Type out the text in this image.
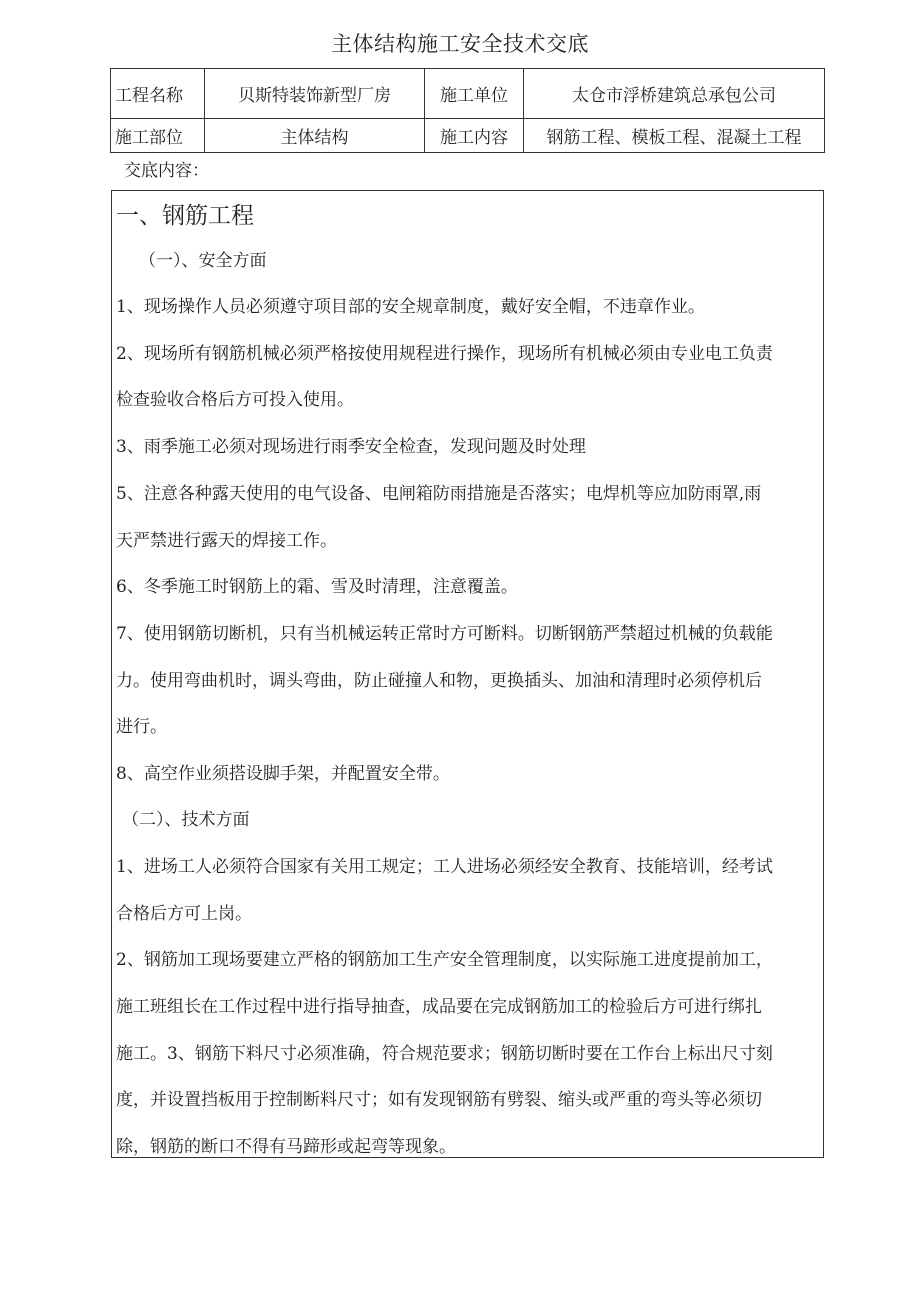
主体结构施工安全技术交底
工程名称	贝斯特装饰新型厂房	施工单位	太仓市浮桥建筑总承包公司
施工部位	主体结构	施工内容	钢筋工程、模板工程、混凝土工程
交底内容：
一、钢筋工程
（一）、安全方面
1、现场操作人员必须遵守项目部的安全规章制度，戴好安全帽，不违章作业。
2、现场所有钢筋机械必须严格按使用规程进行操作，现场所有机械必须由专业电工负责
检查验收合格后方可投入使用。
3、雨季施工必须对现场进行雨季安全检查，发现问题及时处理
5、注意各种露天使用的电气设备、电闸箱防雨措施是否落实；电焊机等应加防雨罩,雨
天严禁进行露天的焊接工作。
6、冬季施工时钢筋上的霜、雪及时清理，注意覆盖。
7、使用钢筋切断机，只有当机械运转正常时方可断料。切断钢筋严禁超过机械的负载能
力。使用弯曲机时，调头弯曲，防止碰撞人和物，更换插头、加油和清理时必须停机后
进行。
8、高空作业须搭设脚手架，并配置安全带。
（二）、技术方面
1、进场工人必须符合国家有关用工规定；工人进场必须经安全教育、技能培训，经考试
合格后方可上岗。
2、钢筋加工现场要建立严格的钢筋加工生产安全管理制度，以实际施工进度提前加工，
施工班组长在工作过程中进行指导抽查，成品要在完成钢筋加工的检验后方可进行绑扎
施工。3、钢筋下料尺寸必须准确，符合规范要求；钢筋切断时要在工作台上标出尺寸刻
度，并设置挡板用于控制断料尺寸；如有发现钢筋有劈裂、缩头或严重的弯头等必须切
除，钢筋的断口不得有马蹄形或起弯等现象。
